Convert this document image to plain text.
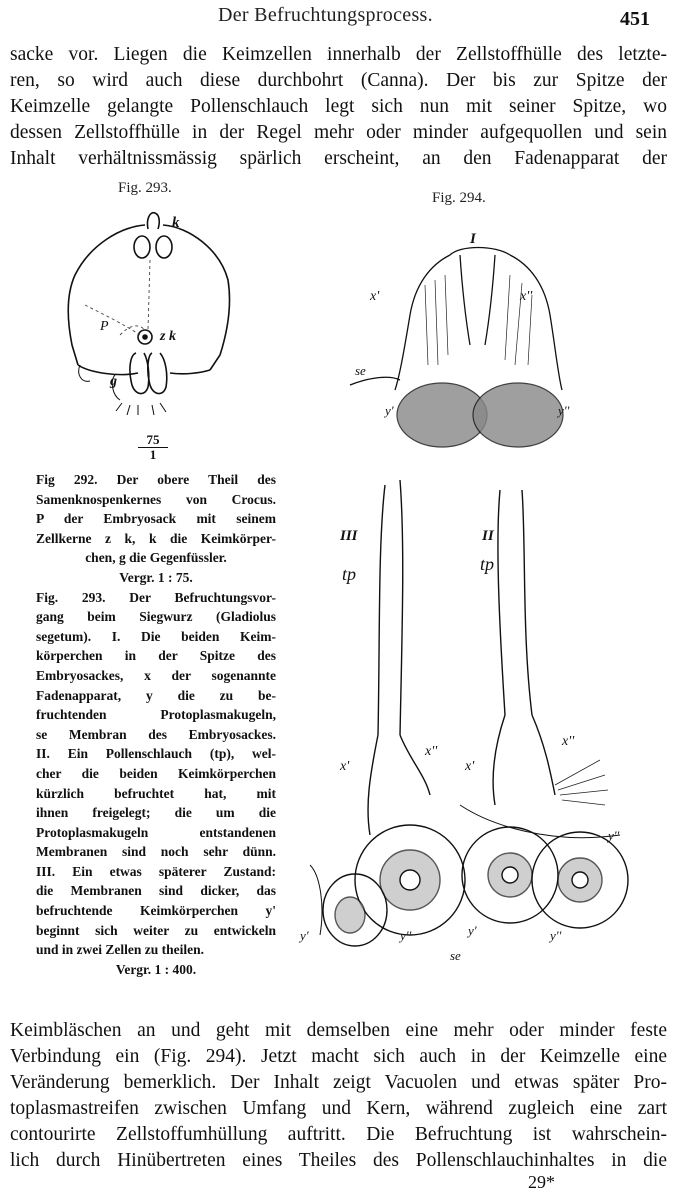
Der Befruchtungsprocess.	451
sacke vor. Liegen die Keimzellen innerhalb der Zellstoffhülle des letzte-
ren, so wird auch diese durchbohrt (Canna). Der bis zur Spitze der
Keimzelle gelangte Pollenschlauch legt sich nun mit seiner Spitze, wo
dessen Zellstoffhülle in der Regel mehr oder minder aufgequollen und sein
Inhalt verhältnissmässig spärlich erscheint, an den Fadenapparat der
Fig. 293.
k
P
z k
g
$\frac{75}{1}$
Fig. 294.
I
x'	x''
se
y'	y''
III	II
tp	tp
x'
x''
x'
x''
y''
y'	y''	y'	y''
se
Fig 292. Der obere Theil des
Samenknospenkernes von Crocus.
P der Embryosack mit seinem
Zellkerne z k, k die Keimkörper-
chen, g die Gegenfüssler.
Vergr. 1 : 75.
Fig. 293. Der Befruchtungsvor-
gang beim Siegwurz (Gladiolus
segetum). I. Die beiden Keim-
körperchen in der Spitze des
Embryosackes, x der sogenannte
Fadenapparat, y die zu be-
fruchtenden Protoplasmakugeln,
se Membran des Embryosackes.
II. Ein Pollenschlauch (tp), wel-
cher die beiden Keimkörperchen
kürzlich befruchtet hat, mit
ihnen freigelegt; die um die
Protoplasmakugeln entstandenen
Membranen sind noch sehr dünn.
III. Ein etwas späterer Zustand:
die Membranen sind dicker, das
befruchtende Keimkörperchen y'
beginnt sich weiter zu entwickeln
und in zwei Zellen zu theilen.
Vergr. 1 : 400.
Keimbläschen an und geht mit demselben eine mehr oder minder feste
Verbindung ein (Fig. 294). Jetzt macht sich auch in der Keimzelle eine
Veränderung bemerklich. Der Inhalt zeigt Vacuolen und etwas später Pro-
toplasmastreifen zwischen Umfang und Kern, während zugleich eine zart
contourirte Zellstoffumhüllung auftritt. Die Befruchtung ist wahrschein-
lich durch Hinübertreten eines Theiles des Pollenschlauchinhaltes in die
29*
